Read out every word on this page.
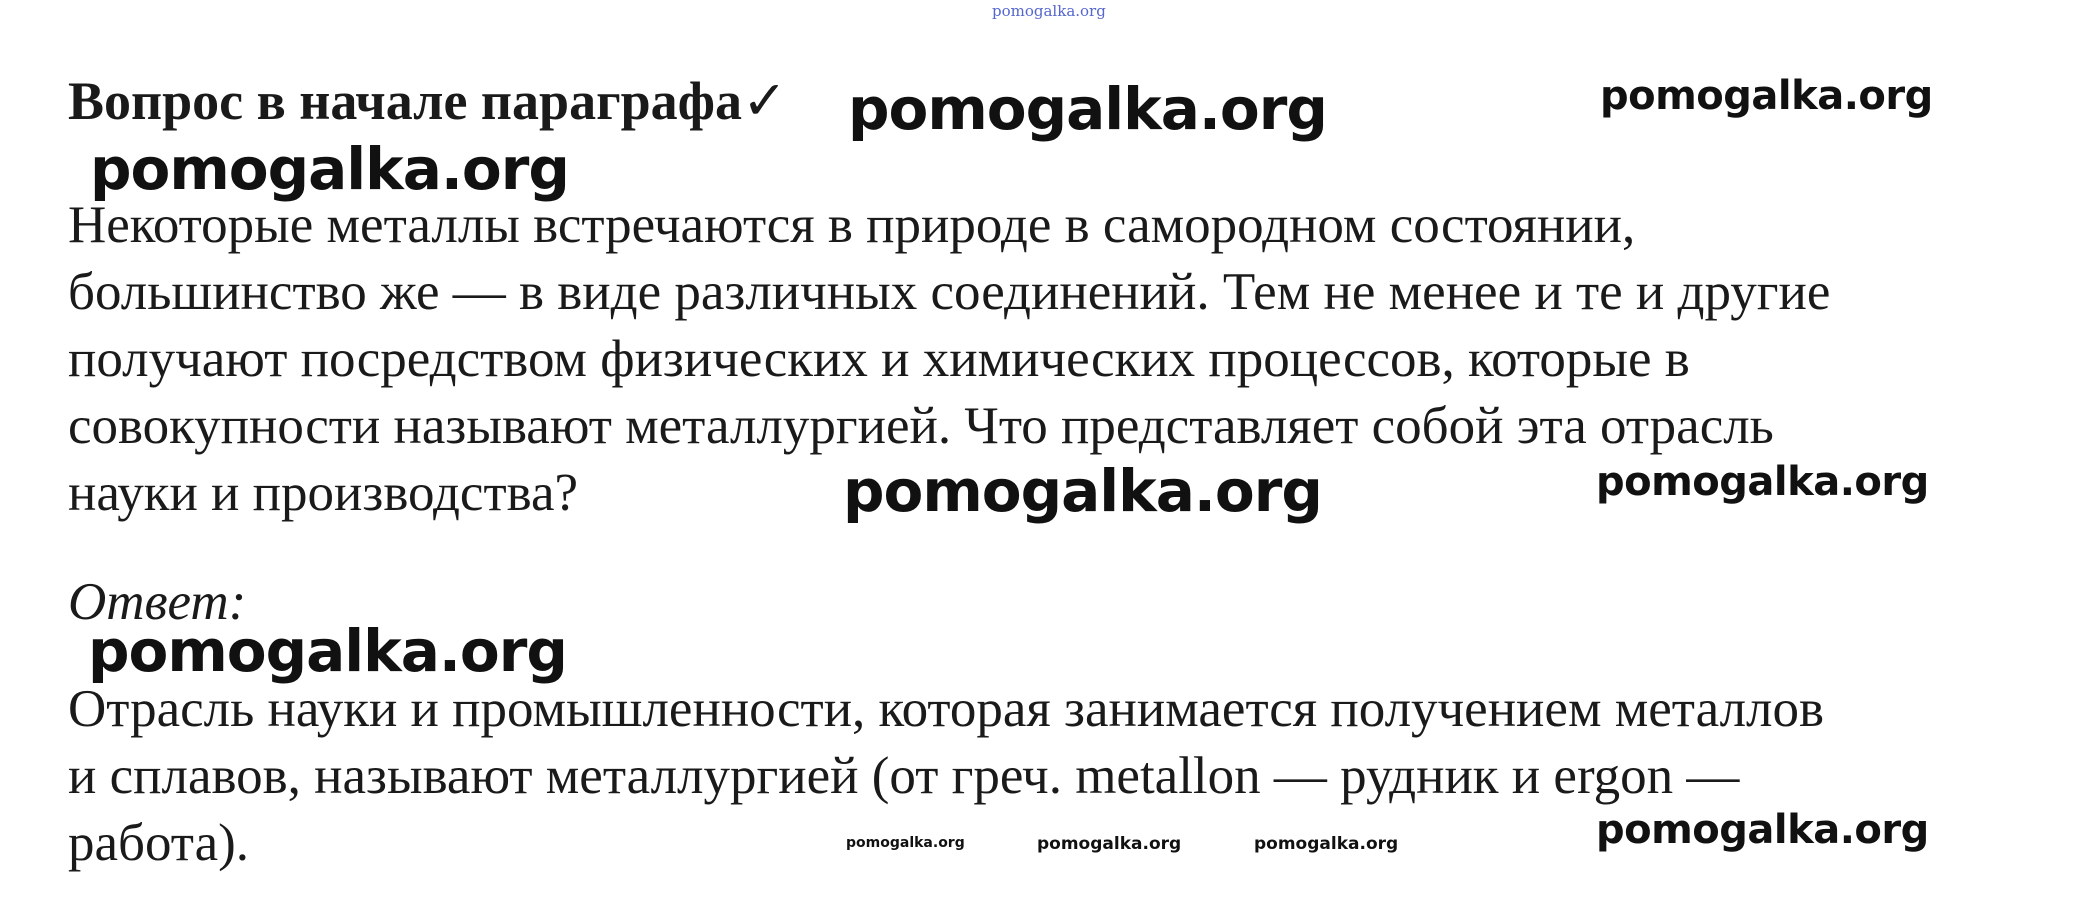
pomogalka.org
Вопрос в начале параграфа✓ pomogalka.org	pomogalka.org
pomogalka.org
Некоторые металлы встречаются в природе в самородном состоянии,
большинство же — в виде различных соединений. Тем не менее и те и другие
получают посредством физических и химических процессов, которые в
совокупности называют металлургией. Что представляет собой эта отрасль
науки и производства?	pomogalka.org	pomogalka.org
Ответ:
pomogalka.org
Отрасль науки и промышленности, которая занимается получением металлов
и сплавов, называют металлургией (от греч. metallon — рудник и ergon —
работа).	pomogalka.org	pomogalka.org	pomogalka.org	pomogalka.org
